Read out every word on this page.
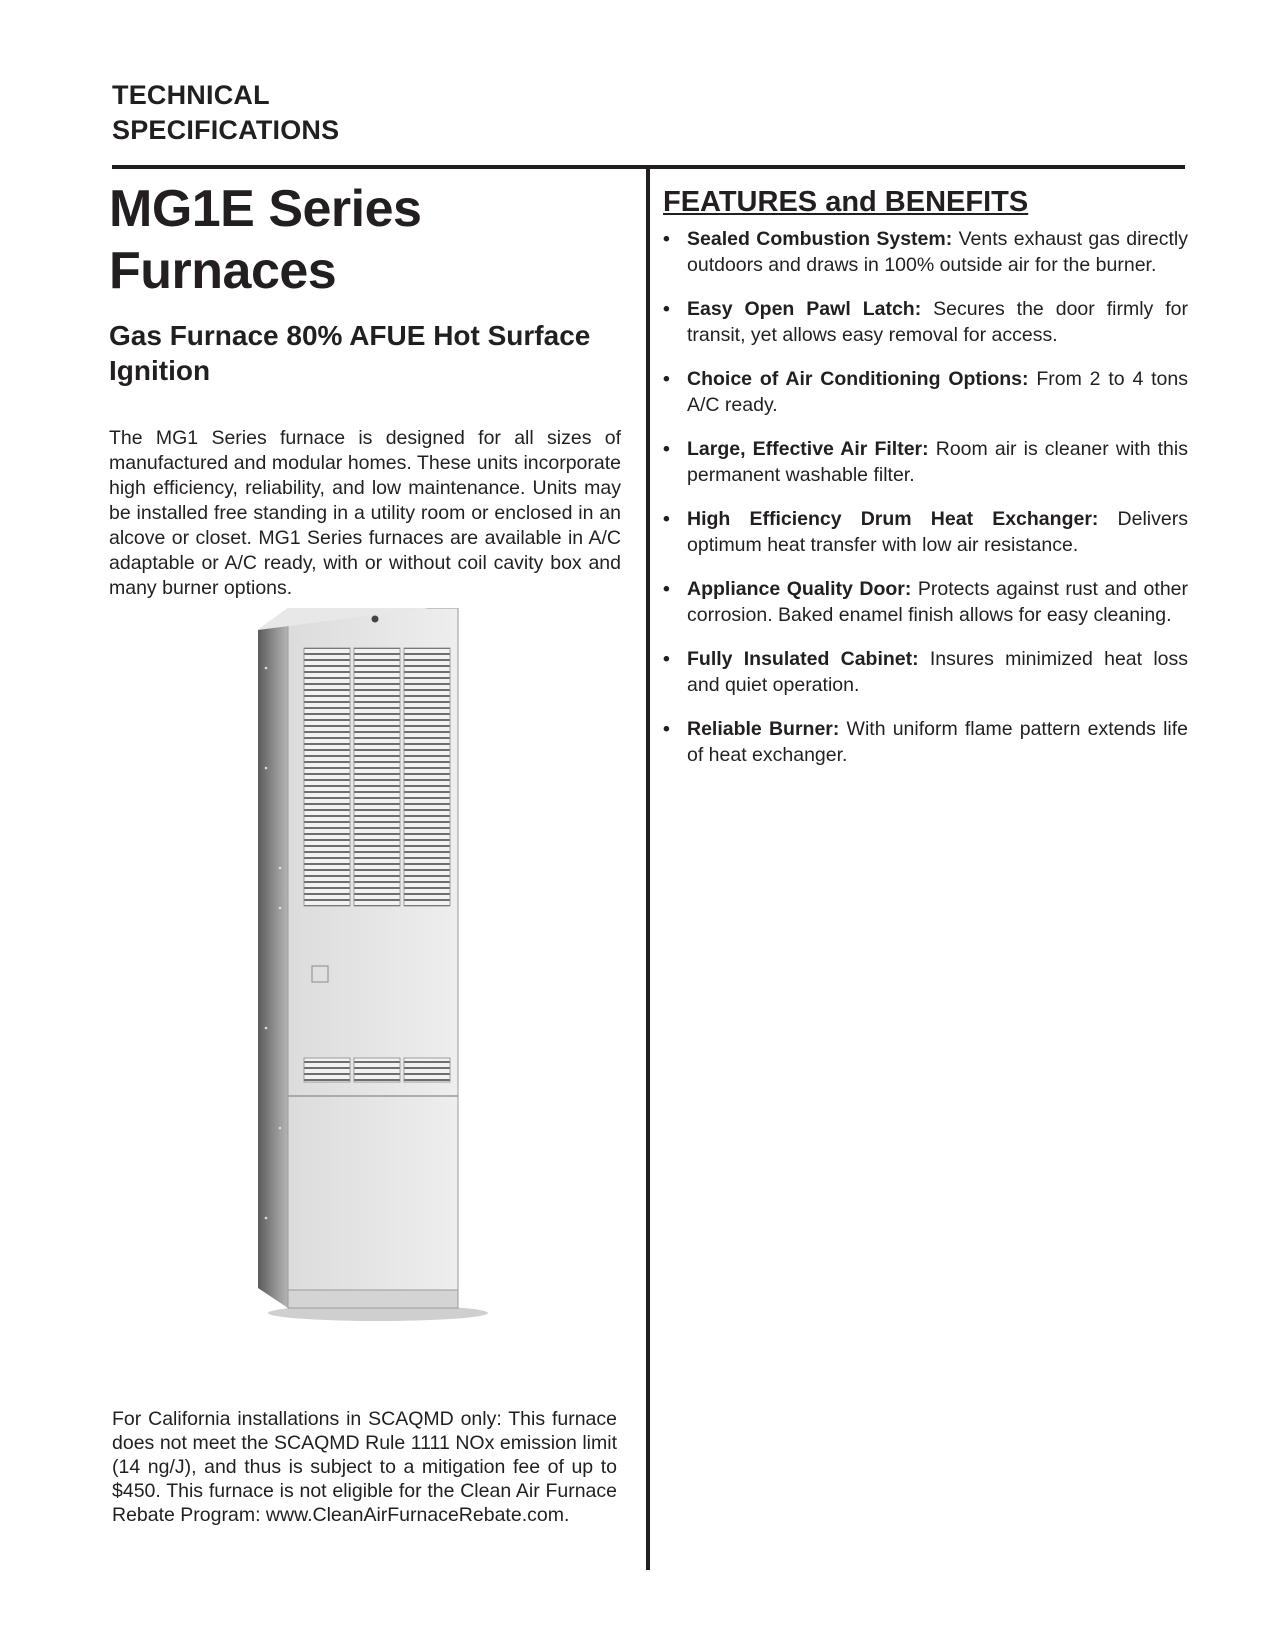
TECHNICAL
SPECIFICATIONS
MG1E Series Furnaces
Gas Furnace 80% AFUE Hot Surface Ignition

The MG1 Series furnace is designed for all sizes of manufactured and modular homes. These units incorporate high efficiency, reliability, and low maintenance. Units may be installed free standing in a utility room or enclosed in an alcove or closet. MG1 Series furnaces are available in A/C adaptable or A/C ready, with or without coil cavity box and many burner options.

For California installations in SCAQMD only: This furnace does not meet the SCAQMD Rule 1111 NOx emission limit (14 ng/J), and thus is subject to a mitigation fee of up to $450. This furnace is not eligible for the Clean Air Furnace Rebate Program: www.CleanAirFurnaceRebate.com.

FEATURES and BENEFITS
• Sealed Combustion System: Vents exhaust gas directly outdoors and draws in 100% outside air for the burner.
• Easy Open Pawl Latch: Secures the door firmly for transit, yet allows easy removal for access.
• Choice of Air Conditioning Options: From 2 to 4 tons A/C ready.
• Large, Effective Air Filter: Room air is cleaner with this permanent washable filter.
• High Efficiency Drum Heat Exchanger: Delivers optimum heat transfer with low air resistance.
• Appliance Quality Door: Protects against rust and other corrosion. Baked enamel finish allows for easy cleaning.
• Fully Insulated Cabinet: Insures minimized heat loss and quiet operation.
• Reliable Burner: With uniform flame pattern extends life of heat exchanger.
